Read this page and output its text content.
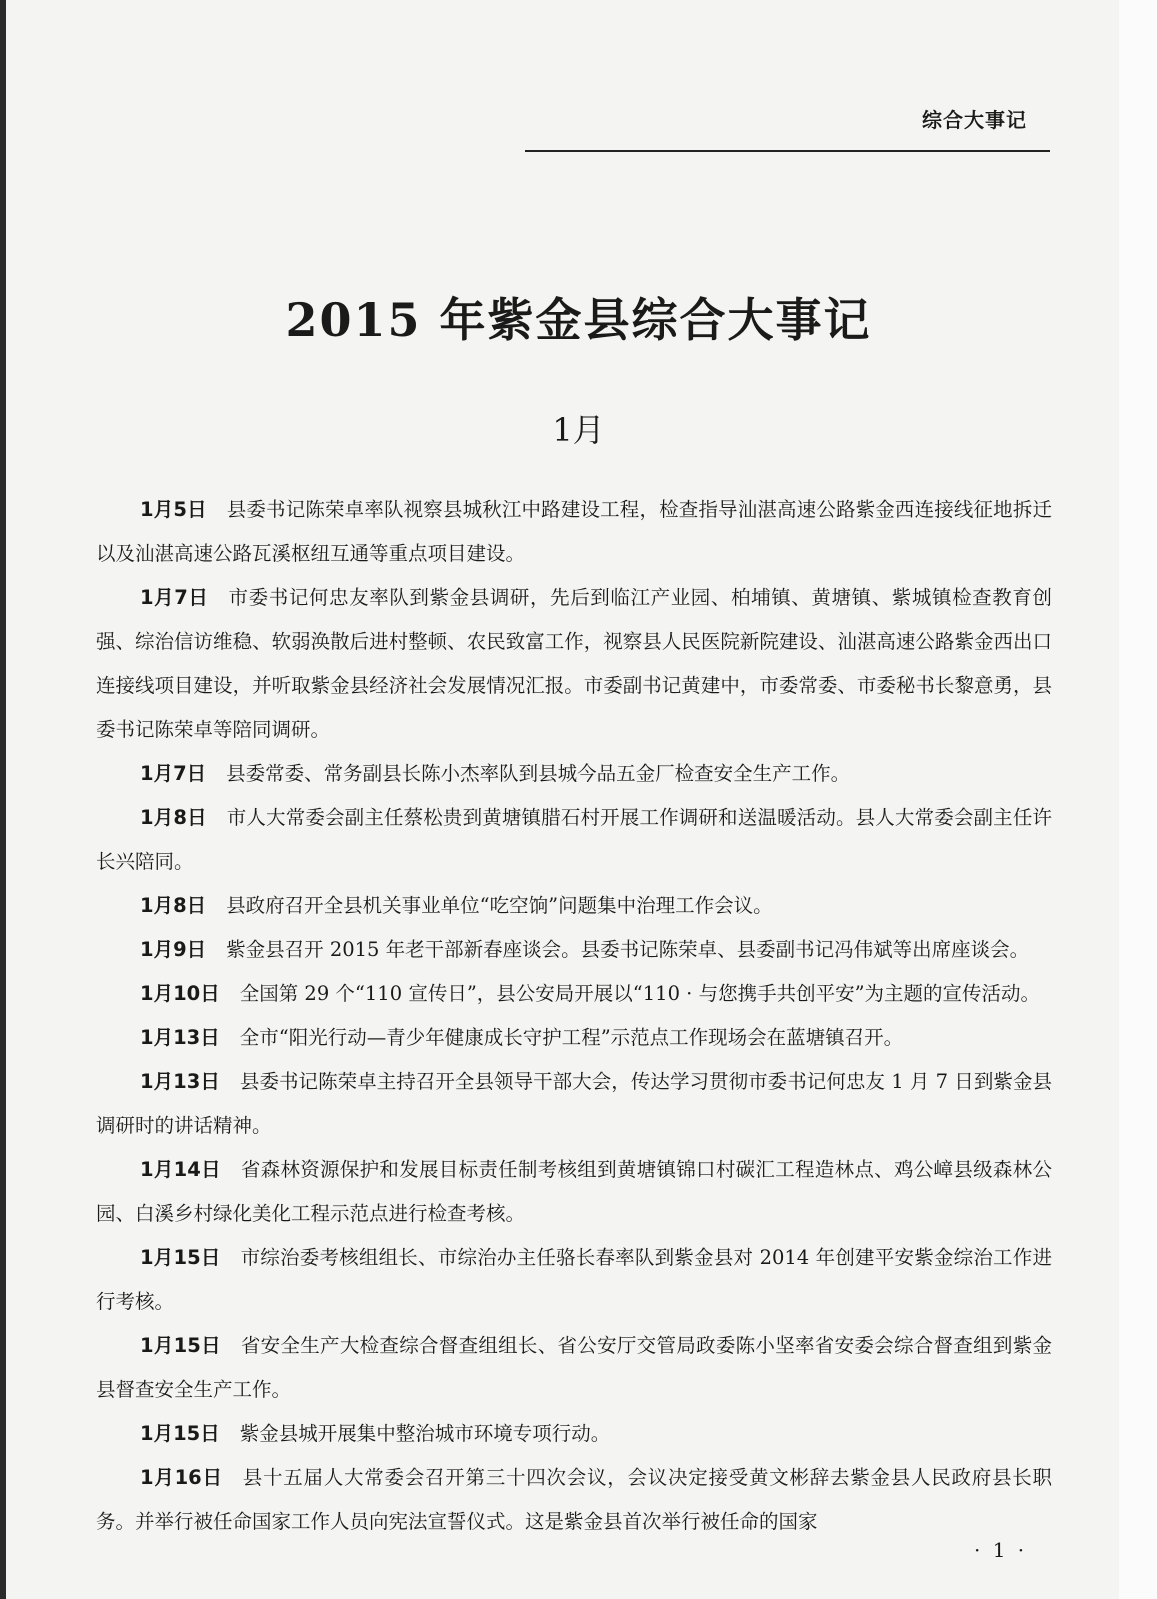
综合大事记
2015 年紫金县综合大事记
1月

1月5日 县委书记陈荣卓率队视察县城秋江中路建设工程，检查指导汕湛高速公路紫金西连接线征地拆迁以及汕湛高速公路瓦溪枢纽互通等重点项目建设。

1月7日 市委书记何忠友率队到紫金县调研，先后到临江产业园、柏埔镇、黄塘镇、紫城镇检查教育创强、综治信访维稳、软弱涣散后进村整顿、农民致富工作，视察县人民医院新院建设、汕湛高速公路紫金西出口连接线项目建设，并听取紫金县经济社会发展情况汇报。市委副书记黄建中，市委常委、市委秘书长黎意勇，县委书记陈荣卓等陪同调研。

1月7日 县委常委、常务副县长陈小杰率队到县城今品五金厂检查安全生产工作。

1月8日 市人大常委会副主任蔡松贵到黄塘镇腊石村开展工作调研和送温暖活动。县人大常委会副主任许长兴陪同。

1月8日 县政府召开全县机关事业单位“吃空饷”问题集中治理工作会议。

1月9日 紫金县召开 2015 年老干部新春座谈会。县委书记陈荣卓、县委副书记冯伟斌等出席座谈会。

1月10日 全国第 29 个“110 宣传日”，县公安局开展以“110 · 与您携手共创平安”为主题的宣传活动。

1月13日 全市“阳光行动—青少年健康成长守护工程”示范点工作现场会在蓝塘镇召开。

1月13日 县委书记陈荣卓主持召开全县领导干部大会，传达学习贯彻市委书记何忠友 1 月 7 日到紫金县调研时的讲话精神。

1月14日 省森林资源保护和发展目标责任制考核组到黄塘镇锦口村碳汇工程造林点、鸡公嶂县级森林公园、白溪乡村绿化美化工程示范点进行检查考核。

1月15日 市综治委考核组组长、市综治办主任骆长春率队到紫金县对 2014 年创建平安紫金综治工作进行考核。

1月15日 省安全生产大检查综合督查组组长、省公安厅交管局政委陈小坚率省安委会综合督查组到紫金县督查安全生产工作。

1月15日 紫金县城开展集中整治城市环境专项行动。

1月16日 县十五届人大常委会召开第三十四次会议，会议决定接受黄文彬辞去紫金县人民政府县长职务。并举行被任命国家工作人员向宪法宣誓仪式。这是紫金县首次举行被任命的国家

· 1 ·
